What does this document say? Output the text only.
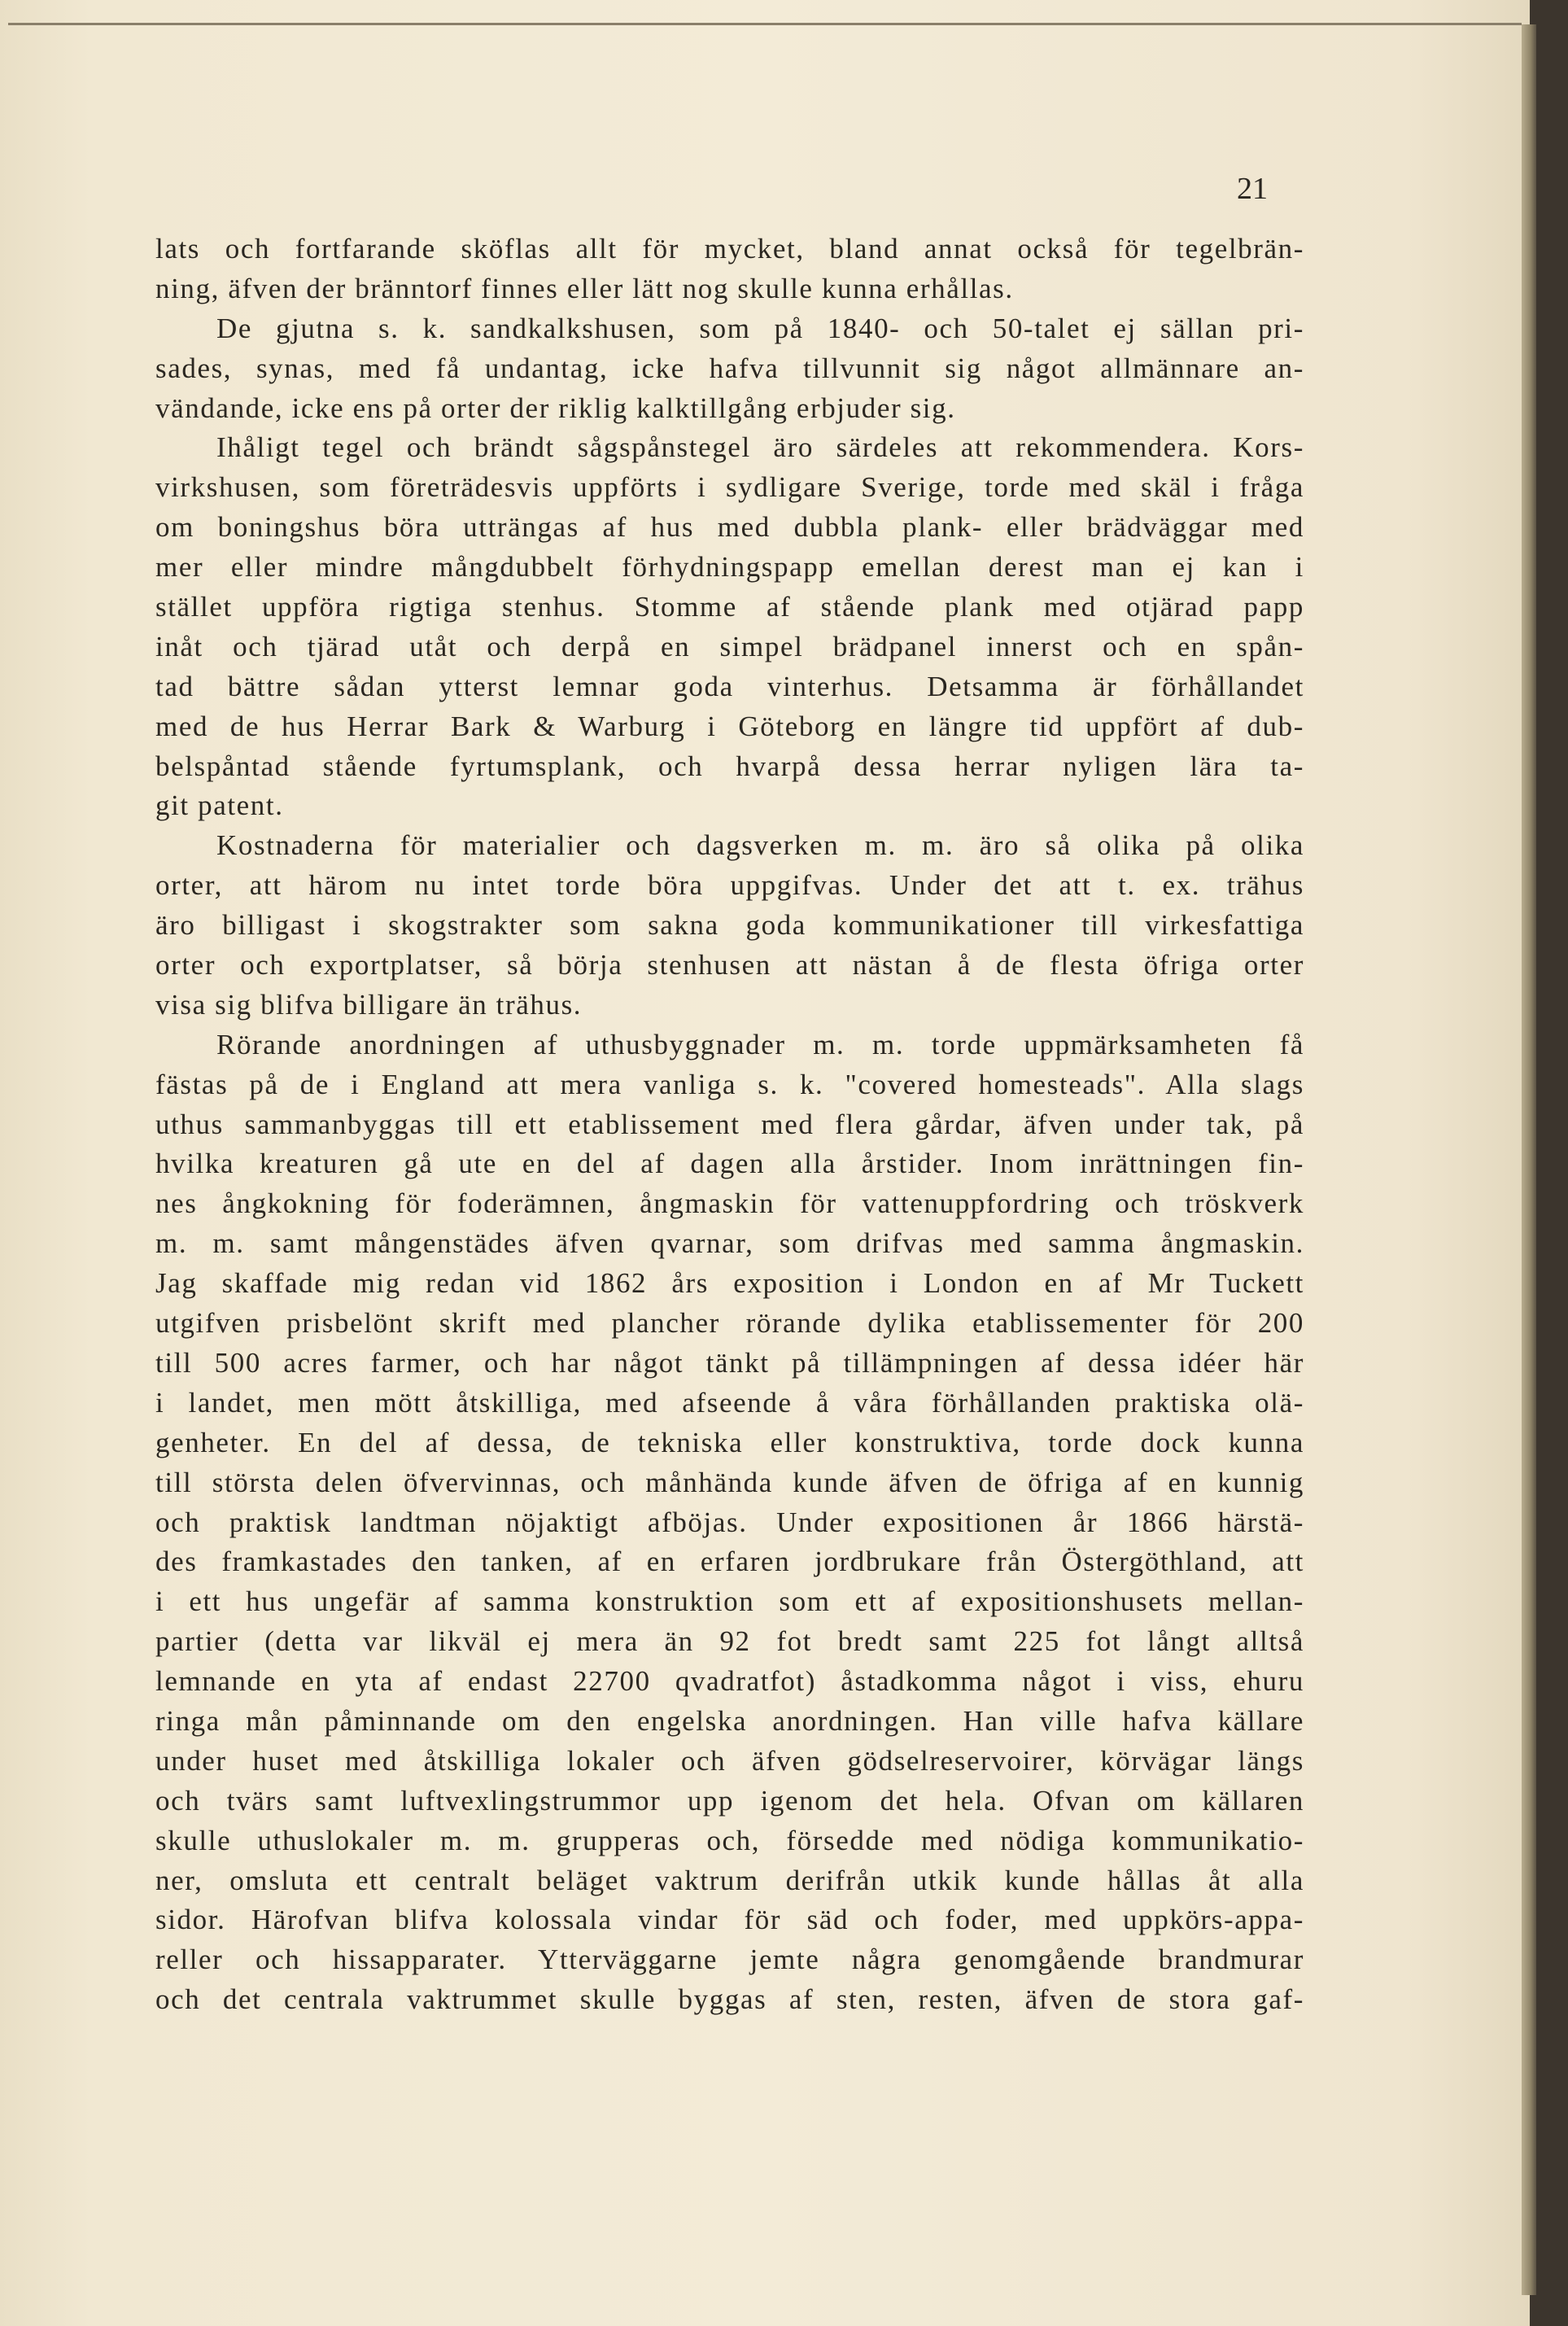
21
lats och fortfarande sköflas allt för mycket, bland annat också för tegelbrän-
ning, äfven der bränntorf finnes eller lätt nog skulle kunna erhållas.
De gjutna s. k. sandkalkshusen, som på 1840- och 50-talet ej sällan pri-
sades, synas, med få undantag, icke hafva tillvunnit sig något allmännare an-
vändande, icke ens på orter der riklig kalktillgång erbjuder sig.
Ihåligt tegel och brändt sågspånstegel äro särdeles att rekommendera. Kors-
virkshusen, som företrädesvis uppförts i sydligare Sverige, torde med skäl i fråga
om boningshus böra utträngas af hus med dubbla plank- eller brädväggar med
mer eller mindre mångdubbelt förhydningspapp emellan derest man ej kan i
stället uppföra rigtiga stenhus. Stomme af stående plank med otjärad papp
inåt och tjärad utåt och derpå en simpel brädpanel innerst och en spån-
tad bättre sådan ytterst lemnar goda vinterhus. Detsamma är förhållandet
med de hus Herrar Bark & Warburg i Göteborg en längre tid uppfört af dub-
belspåntad stående fyrtumsplank, och hvarpå dessa herrar nyligen lära ta-
git patent.
Kostnaderna för materialier och dagsverken m. m. äro så olika på olika
orter, att härom nu intet torde böra uppgifvas. Under det att t. ex. trähus
äro billigast i skogstrakter som sakna goda kommunikationer till virkesfattiga
orter och exportplatser, så börja stenhusen att nästan å de flesta öfriga orter
visa sig blifva billigare än trähus.
Rörande anordningen af uthusbyggnader m. m. torde uppmärksamheten få
fästas på de i England att mera vanliga s. k. "covered homesteads". Alla slags
uthus sammanbyggas till ett etablissement med flera gårdar, äfven under tak, på
hvilka kreaturen gå ute en del af dagen alla årstider. Inom inrättningen fin-
nes ångkokning för foderämnen, ångmaskin för vattenuppfordring och tröskverk
m. m. samt mångenstädes äfven qvarnar, som drifvas med samma ångmaskin.
Jag skaffade mig redan vid 1862 års exposition i London en af Mr Tuckett
utgifven prisbelönt skrift med plancher rörande dylika etablissementer för 200
till 500 acres farmer, och har något tänkt på tillämpningen af dessa idéer här
i landet, men mött åtskilliga, med afseende å våra förhållanden praktiska olä-
genheter. En del af dessa, de tekniska eller konstruktiva, torde dock kunna
till största delen öfvervinnas, och månhända kunde äfven de öfriga af en kunnig
och praktisk landtman nöjaktigt afböjas. Under expositionen år 1866 härstä-
des framkastades den tanken, af en erfaren jordbrukare från Östergöthland, att
i ett hus ungefär af samma konstruktion som ett af expositionshusets mellan-
partier (detta var likväl ej mera än 92 fot bredt samt 225 fot långt alltså
lemnande en yta af endast 22700 qvadratfot) åstadkomma något i viss, ehuru
ringa mån påminnande om den engelska anordningen. Han ville hafva källare
under huset med åtskilliga lokaler och äfven gödselreservoirer, körvägar längs
och tvärs samt luftvexlingstrummor upp igenom det hela. Ofvan om källaren
skulle uthuslokaler m. m. grupperas och, försedde med nödiga kommunikatio-
ner, omsluta ett centralt beläget vaktrum derifrån utkik kunde hållas åt alla
sidor. Härofvan blifva kolossala vindar för säd och foder, med uppkörs-appa-
reller och hissapparater. Ytterväggarne jemte några genomgående brandmurar
och det centrala vaktrummet skulle byggas af sten, resten, äfven de stora gaf-
